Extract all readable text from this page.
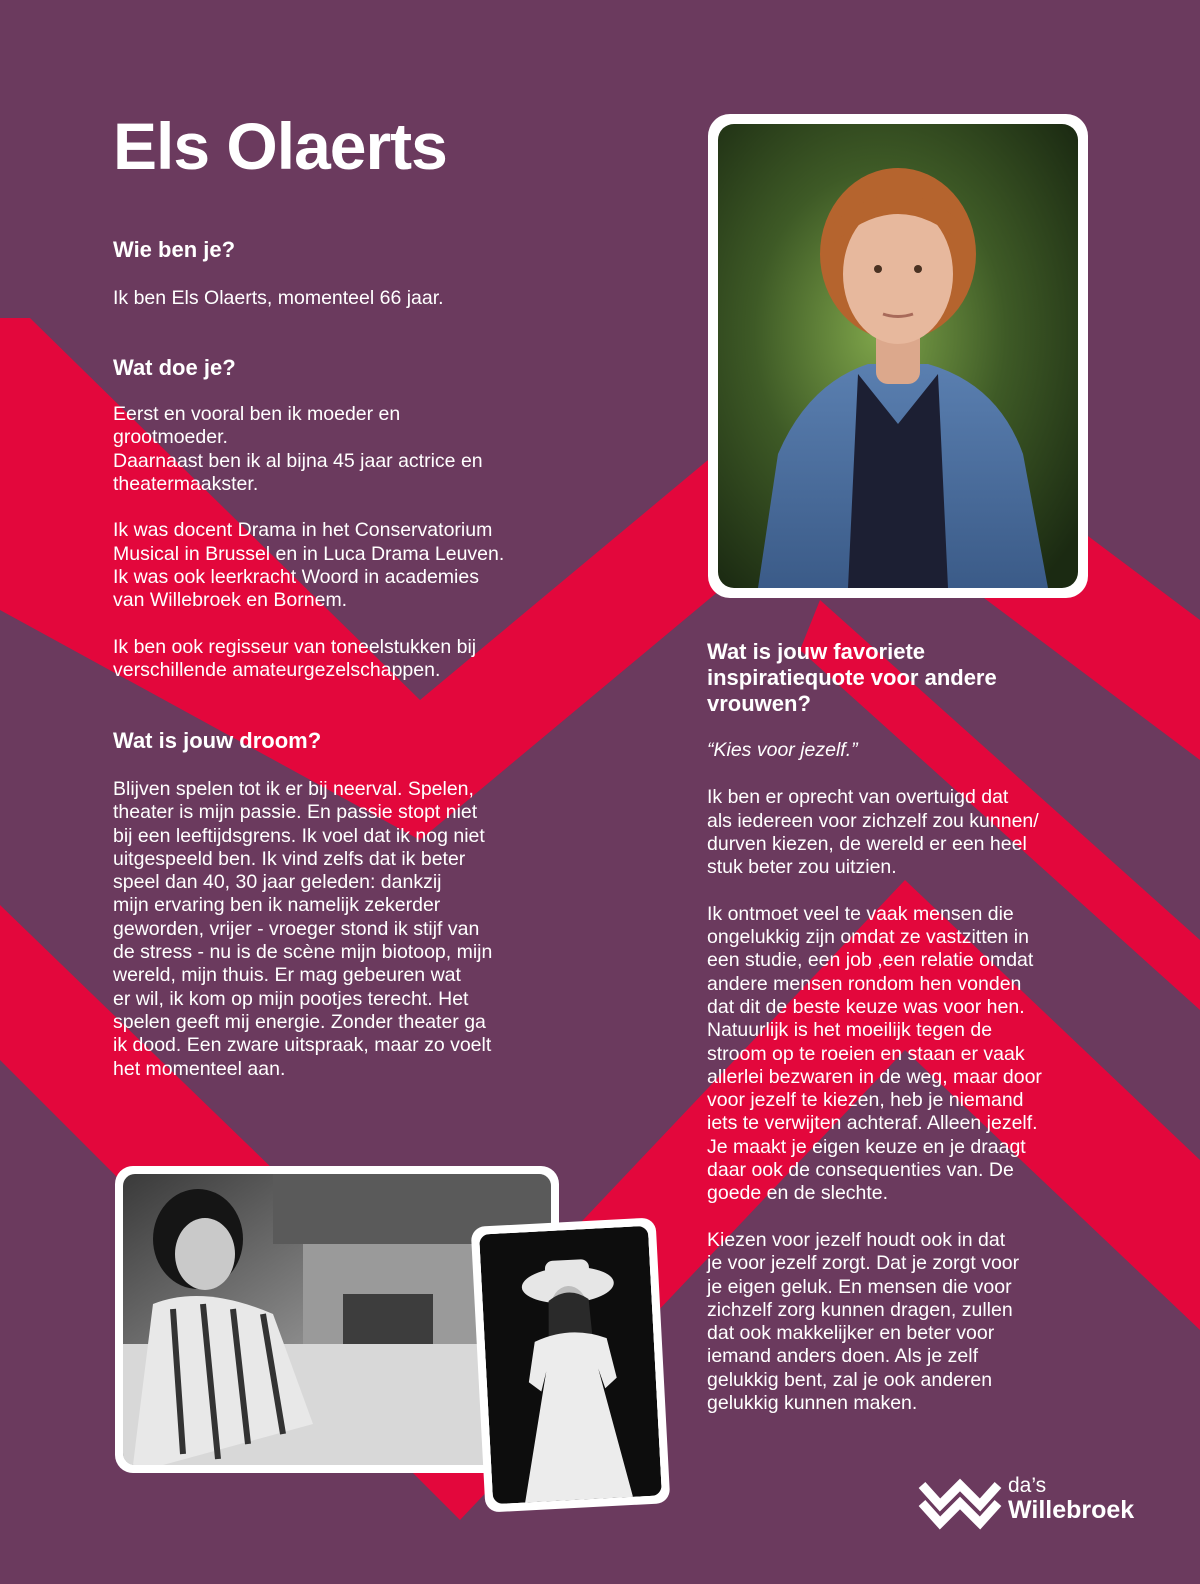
Els Olaerts
Wie ben je?

Ik ben Els Olaerts, momenteel 66 jaar.

Wat doe je?

Eerst en vooral ben ik moeder en
grootmoeder.
Daarnaast ben ik al bijna 45 jaar actrice en
theatermaakster.

Ik was docent Drama in het Conservatorium
Musical in Brussel en in Luca Drama Leuven.
Ik was ook leerkracht Woord in academies
van Willebroek en Bornem.

Ik ben ook regisseur van toneelstukken bij
verschillende amateurgezelschappen.

Wat is jouw droom?

Blijven spelen tot ik er bij neerval. Spelen,
theater is mijn passie. En passie stopt niet
bij een leeftijdsgrens. Ik voel dat ik nog niet
uitgespeeld ben. Ik vind zelfs dat ik beter
speel dan 40, 30 jaar geleden: dankzij
mijn ervaring ben ik namelijk zekerder
geworden, vrijer - vroeger stond ik stijf van
de stress - nu is de scène mijn biotoop, mijn
wereld, mijn thuis. Er mag gebeuren wat
er wil, ik kom op mijn pootjes terecht. Het
spelen geeft mij energie. Zonder theater ga
ik dood. Een zware uitspraak, maar zo voelt
het momenteel aan.

Wat is jouw favoriete
inspiratiequote voor andere
vrouwen?

“Kies voor jezelf.”

Ik ben er oprecht van overtuigd dat
als iedereen voor zichzelf zou kunnen/
durven kiezen, de wereld er een heel
stuk beter zou uitzien.

Ik ontmoet veel te vaak mensen die
ongelukkig zijn omdat ze vastzitten in
een studie, een job ,een relatie omdat
andere mensen rondom hen vonden
dat dit de beste keuze was voor hen.
Natuurlijk is het moeilijk tegen de
stroom op te roeien en staan er vaak
allerlei bezwaren in de weg, maar door
voor jezelf te kiezen, heb je niemand
iets te verwijten achteraf. Alleen jezelf.
Je maakt je eigen keuze en je draagt
daar ook de consequenties van. De
goede en de slechte.

Kiezen voor jezelf houdt ook in dat
je voor jezelf zorgt. Dat je zorgt voor
je eigen geluk. En mensen die voor
zichzelf zorg kunnen dragen, zullen
dat ook makkelijker en beter voor
iemand anders doen. Als je zelf
gelukkig bent, zal je ook anderen
gelukkig kunnen maken.

da’s
Willebroek
